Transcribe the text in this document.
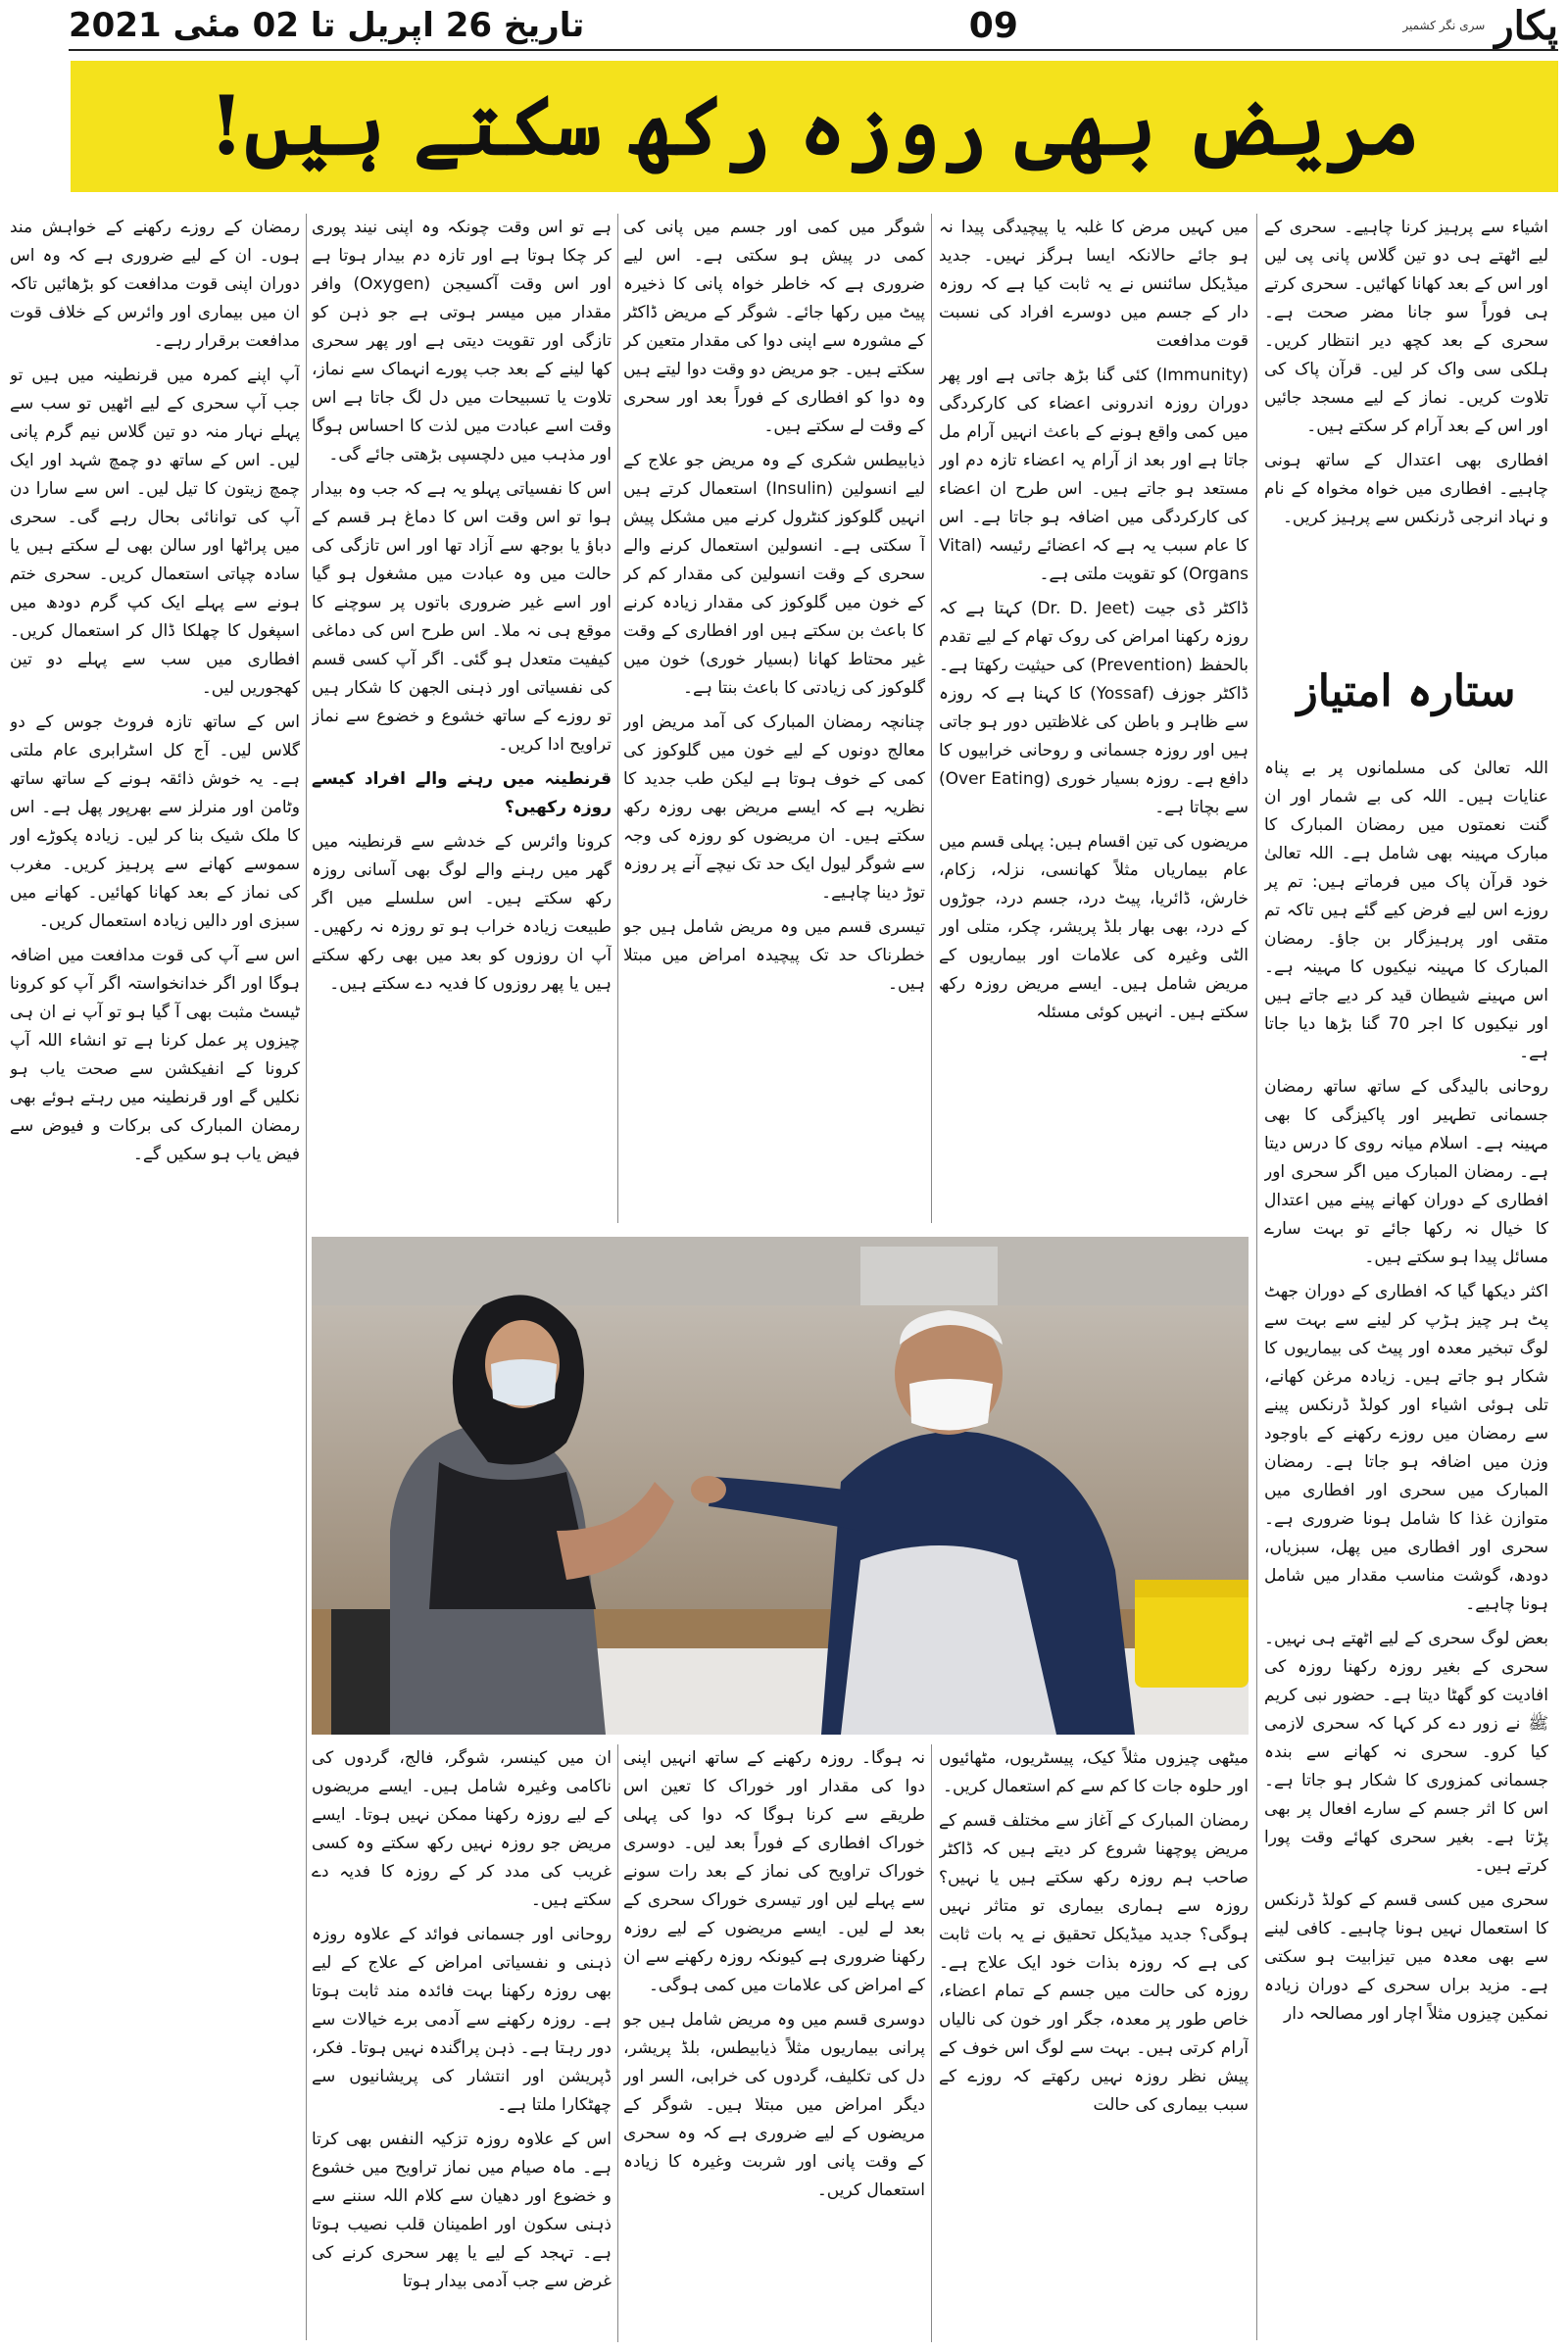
تاریخ 26 اپریل تا 02 مئی 2021	09	پکار
سری نگر کشمیر
مریض بھی روزہ رکھ سکتے ہیں!

اشیاء سے پرہیز کرنا چاہیے۔ سحری کے لیے اٹھتے ہی دو تین گلاس پانی پی لیں اور اس کے بعد کھانا کھائیں۔ سحری کرتے ہی فوراً سو جانا مضر صحت ہے۔ سحری کے بعد کچھ دیر انتظار کریں۔ ہلکی سی واک کر لیں۔ قرآن پاک کی تلاوت کریں۔ نماز کے لیے مسجد جائیں اور اس کے بعد آرام کر سکتے ہیں۔

افطاری بھی اعتدال کے ساتھ ہونی چاہیے۔ افطاری میں خواہ مخواہ کے نام و نہاد انرجی ڈرنکس سے پرہیز کریں۔

ستارہ امتیاز

اللہ تعالیٰ کی مسلمانوں پر بے پناہ عنایات ہیں۔ اللہ کی بے شمار اور ان گنت نعمتوں میں رمضان المبارک کا مبارک مہینہ بھی شامل ہے۔ اللہ تعالیٰ خود قرآن پاک میں فرماتے ہیں: تم پر روزے اس لیے فرض کیے گئے ہیں تاکہ تم متقی اور پرہیزگار بن جاؤ۔ رمضان المبارک کا مہینہ نیکیوں کا مہینہ ہے۔ اس مہینے شیطان قید کر دیے جاتے ہیں اور نیکیوں کا اجر 70 گنا بڑھا دیا جاتا ہے۔

روحانی بالیدگی کے ساتھ ساتھ رمضان جسمانی تطہیر اور پاکیزگی کا بھی مہینہ ہے۔ اسلام میانہ روی کا درس دیتا ہے۔ رمضان المبارک میں اگر سحری اور افطاری کے دوران کھانے پینے میں اعتدال کا خیال نہ رکھا جائے تو بہت سارے مسائل پیدا ہو سکتے ہیں۔

اکثر دیکھا گیا کہ افطاری کے دوران جھٹ پٹ ہر چیز ہڑپ کر لینے سے بہت سے لوگ تبخیر معدہ اور پیٹ کی بیماریوں کا شکار ہو جاتے ہیں۔ زیادہ مرغن کھانے، تلی ہوئی اشیاء اور کولڈ ڈرنکس پینے سے رمضان میں روزے رکھنے کے باوجود وزن میں اضافہ ہو جاتا ہے۔ رمضان المبارک میں سحری اور افطاری میں متوازن غذا کا شامل ہونا ضروری ہے۔ سحری اور افطاری میں پھل، سبزیاں، دودھ، گوشت مناسب مقدار میں شامل ہونا چاہیے۔

بعض لوگ سحری کے لیے اٹھتے ہی نہیں۔ سحری کے بغیر روزہ رکھنا روزہ کی افادیت کو گھٹا دیتا ہے۔ حضور نبی کریم ﷺ نے زور دے کر کہا کہ سحری لازمی کیا کرو۔ سحری نہ کھانے سے بندہ جسمانی کمزوری کا شکار ہو جاتا ہے۔ اس کا اثر جسم کے سارے افعال پر بھی پڑتا ہے۔ بغیر سحری کھائے وقت پورا کرتے ہیں۔

سحری میں کسی قسم کے کولڈ ڈرنکس کا استعمال نہیں ہونا چاہیے۔ کافی لینے سے بھی معدہ میں تیزابیت ہو سکتی ہے۔ مزید براں سحری کے دوران زیادہ نمکین چیزوں مثلاً اچار اور مصالحہ دار

میں کہیں مرض کا غلبہ یا پیچیدگی پیدا نہ ہو جائے حالانکہ ایسا ہرگز نہیں۔ جدید میڈیکل سائنس نے یہ ثابت کیا ہے کہ روزہ دار کے جسم میں دوسرے افراد کی نسبت قوت مدافعت

(Immunity) کئی گنا بڑھ جاتی ہے اور پھر دوران روزہ اندرونی اعضاء کی کارکردگی میں کمی واقع ہونے کے باعث انہیں آرام مل جاتا ہے اور بعد از آرام یہ اعضاء تازہ دم اور مستعد ہو جاتے ہیں۔ اس طرح ان اعضاء کی کارکردگی میں اضافہ ہو جاتا ہے۔ اس کا عام سبب یہ ہے کہ اعضائے رئیسہ (Vital Organs) کو تقویت ملتی ہے۔

ڈاکٹر ڈی جیت (Dr. D. Jeet) کہتا ہے کہ روزہ رکھنا امراض کی روک تھام کے لیے تقدم بالحفظ (Prevention) کی حیثیت رکھتا ہے۔ ڈاکٹر جوزف (Yossaf) کا کہنا ہے کہ روزہ سے ظاہر و باطن کی غلاظتیں دور ہو جاتی ہیں اور روزہ جسمانی و روحانی خرابیوں کا دافع ہے۔ روزہ بسیار خوری (Over Eating) سے بچاتا ہے۔

مریضوں کی تین اقسام ہیں: پہلی قسم میں عام بیماریاں مثلاً کھانسی، نزلہ، زکام، خارش، ڈائریا، پیٹ درد، جسم درد، جوڑوں کے درد، بھی بھار بلڈ پریشر، چکر، متلی اور الٹی وغیرہ کی علامات اور بیماریوں کے مریض شامل ہیں۔ ایسے مریض روزہ رکھ سکتے ہیں۔ انہیں کوئی مسئلہ

شوگر میں کمی اور جسم میں پانی کی کمی در پیش ہو سکتی ہے۔ اس لیے ضروری ہے کہ خاطر خواہ پانی کا ذخیرہ پیٹ میں رکھا جائے۔ شوگر کے مریض ڈاکٹر کے مشورہ سے اپنی دوا کی مقدار متعین کر سکتے ہیں۔ جو مریض دو وقت دوا لیتے ہیں وہ دوا کو افطاری کے فوراً بعد اور سحری کے وقت لے سکتے ہیں۔

ذیابیطس شکری کے وہ مریض جو علاج کے لیے انسولین (Insulin) استعمال کرتے ہیں انہیں گلوکوز کنٹرول کرنے میں مشکل پیش آ سکتی ہے۔ انسولین استعمال کرنے والے سحری کے وقت انسولین کی مقدار کم کر کے خون میں گلوکوز کی مقدار زیادہ کرنے کا باعث بن سکتے ہیں اور افطاری کے وقت غیر محتاط کھانا (بسیار خوری) خون میں گلوکوز کی زیادتی کا باعث بنتا ہے۔

چنانچہ رمضان المبارک کی آمد مریض اور معالج دونوں کے لیے خون میں گلوکوز کی کمی کے خوف ہوتا ہے لیکن طب جدید کا نظریہ ہے کہ ایسے مریض بھی روزہ رکھ سکتے ہیں۔ ان مریضوں کو روزہ کی وجہ سے شوگر لیول ایک حد تک نیچے آنے پر روزہ توڑ دینا چاہیے۔

تیسری قسم میں وہ مریض شامل ہیں جو خطرناک حد تک پیچیدہ امراض میں مبتلا ہیں۔

ہے تو اس وقت چونکہ وہ اپنی نیند پوری کر چکا ہوتا ہے اور تازہ دم بیدار ہوتا ہے اور اس وقت آکسیجن (Oxygen) وافر مقدار میں میسر ہوتی ہے جو ذہن کو تازگی اور تقویت دیتی ہے اور پھر سحری کھا لینے کے بعد جب پورے انہماک سے نماز، تلاوت یا تسبیحات میں دل لگ جاتا ہے اس وقت اسے عبادت میں لذت کا احساس ہوگا اور مذہب میں دلچسپی بڑھتی جائے گی۔

اس کا نفسیاتی پہلو یہ ہے کہ جب وہ بیدار ہوا تو اس وقت اس کا دماغ ہر قسم کے دباؤ یا بوجھ سے آزاد تھا اور اس تازگی کی حالت میں وہ عبادت میں مشغول ہو گیا اور اسے غیر ضروری باتوں پر سوچنے کا موقع ہی نہ ملا۔ اس طرح اس کی دماغی کیفیت متعدل ہو گئی۔ اگر آپ کسی قسم کی نفسیاتی اور ذہنی الجھن کا شکار ہیں تو روزے کے ساتھ خشوع و خضوع سے نماز تراویح ادا کریں۔

قرنطینہ میں رہنے والے افراد کیسے روزہ رکھیں؟

کرونا وائرس کے خدشے سے قرنطینہ میں گھر میں رہنے والے لوگ بھی آسانی روزہ رکھ سکتے ہیں۔ اس سلسلے میں اگر طبیعت زیادہ خراب ہو تو روزہ نہ رکھیں۔ آپ ان روزوں کو بعد میں بھی رکھ سکتے ہیں یا پھر روزوں کا فدیہ دے سکتے ہیں۔

رمضان کے روزے رکھنے کے خواہش مند ہوں۔ ان کے لیے ضروری ہے کہ وہ اس دوران اپنی قوت مدافعت کو بڑھائیں تاکہ ان میں بیماری اور وائرس کے خلاف قوت مدافعت برقرار رہے۔

آپ اپنے کمرہ میں قرنطینہ میں ہیں تو جب آپ سحری کے لیے اٹھیں تو سب سے پہلے نہار منہ دو تین گلاس نیم گرم پانی لیں۔ اس کے ساتھ دو چمچ شہد اور ایک چمچ زیتون کا تیل لیں۔ اس سے سارا دن آپ کی توانائی بحال رہے گی۔ سحری میں پراٹھا اور سالن بھی لے سکتے ہیں یا سادہ چپاتی استعمال کریں۔ سحری ختم ہونے سے پہلے ایک کپ گرم دودھ میں اسپغول کا چھلکا ڈال کر استعمال کریں۔ افطاری میں سب سے پہلے دو تین کھجوریں لیں۔

اس کے ساتھ تازہ فروٹ جوس کے دو گلاس لیں۔ آج کل اسٹرابری عام ملتی ہے۔ یہ خوش ذائقہ ہونے کے ساتھ ساتھ وٹامن اور منرلز سے بھرپور پھل ہے۔ اس کا ملک شیک بنا کر لیں۔ زیادہ پکوڑے اور سموسے کھانے سے پرہیز کریں۔ مغرب کی نماز کے بعد کھانا کھائیں۔ کھانے میں سبزی اور دالیں زیادہ استعمال کریں۔

اس سے آپ کی قوت مدافعت میں اضافہ ہوگا اور اگر خدانخواستہ اگر آپ کو کرونا ٹیسٹ مثبت بھی آ گیا ہو تو آپ نے ان ہی چیزوں پر عمل کرنا ہے تو انشاء اللہ آپ کرونا کے انفیکشن سے صحت یاب ہو نکلیں گے اور قرنطینہ میں رہتے ہوئے بھی رمضان المبارک کی برکات و فیوض سے فیض یاب ہو سکیں گے۔

میٹھی چیزوں مثلاً کیک، پیسٹریوں، مٹھائیوں اور حلوہ جات کا کم سے کم استعمال کریں۔

رمضان المبارک کے آغاز سے مختلف قسم کے مریض پوچھنا شروع کر دیتے ہیں کہ ڈاکٹر صاحب ہم روزہ رکھ سکتے ہیں یا نہیں؟ روزہ سے ہماری بیماری تو متاثر نہیں ہوگی؟ جدید میڈیکل تحقیق نے یہ بات ثابت کی ہے کہ روزہ بذات خود ایک علاج ہے۔ روزہ کی حالت میں جسم کے تمام اعضاء، خاص طور پر معدہ، جگر اور خون کی نالیاں آرام کرتی ہیں۔ بہت سے لوگ اس خوف کے پیش نظر روزہ نہیں رکھتے کہ روزے کے سبب بیماری کی حالت

نہ ہوگا۔ روزہ رکھنے کے ساتھ انہیں اپنی دوا کی مقدار اور خوراک کا تعین اس طریقے سے کرنا ہوگا کہ دوا کی پہلی خوراک افطاری کے فوراً بعد لیں۔ دوسری خوراک تراویح کی نماز کے بعد رات سونے سے پہلے لیں اور تیسری خوراک سحری کے بعد لے لیں۔ ایسے مریضوں کے لیے روزہ رکھنا ضروری ہے کیونکہ روزہ رکھنے سے ان کے امراض کی علامات میں کمی ہوگی۔

دوسری قسم میں وہ مریض شامل ہیں جو پرانی بیماریوں مثلاً ذیابیطس، بلڈ پریشر، دل کی تکلیف، گردوں کی خرابی، السر اور دیگر امراض میں مبتلا ہیں۔ شوگر کے مریضوں کے لیے ضروری ہے کہ وہ سحری کے وقت پانی اور شربت وغیرہ کا زیادہ استعمال کریں۔

ان میں کینسر، شوگر، فالج، گردوں کی ناکامی وغیرہ شامل ہیں۔ ایسے مریضوں کے لیے روزہ رکھنا ممکن نہیں ہوتا۔ ایسے مریض جو روزہ نہیں رکھ سکتے وہ کسی غریب کی مدد کر کے روزہ کا فدیہ دے سکتے ہیں۔

روحانی اور جسمانی فوائد کے علاوہ روزہ ذہنی و نفسیاتی امراض کے علاج کے لیے بھی روزہ رکھنا بہت فائدہ مند ثابت ہوتا ہے۔ روزہ رکھنے سے آدمی برے خیالات سے دور رہتا ہے۔ ذہن پراگندہ نہیں ہوتا۔ فکر، ڈپریشن اور انتشار کی پریشانیوں سے چھٹکارا ملتا ہے۔

اس کے علاوہ روزہ تزکیہ النفس بھی کرتا ہے۔ ماہ صیام میں نماز تراویح میں خشوع و خضوع اور دھیان سے کلام اللہ سننے سے ذہنی سکون اور اطمینان قلب نصیب ہوتا ہے۔ تہجد کے لیے یا پھر سحری کرنے کی غرض سے جب آدمی بیدار ہوتا
